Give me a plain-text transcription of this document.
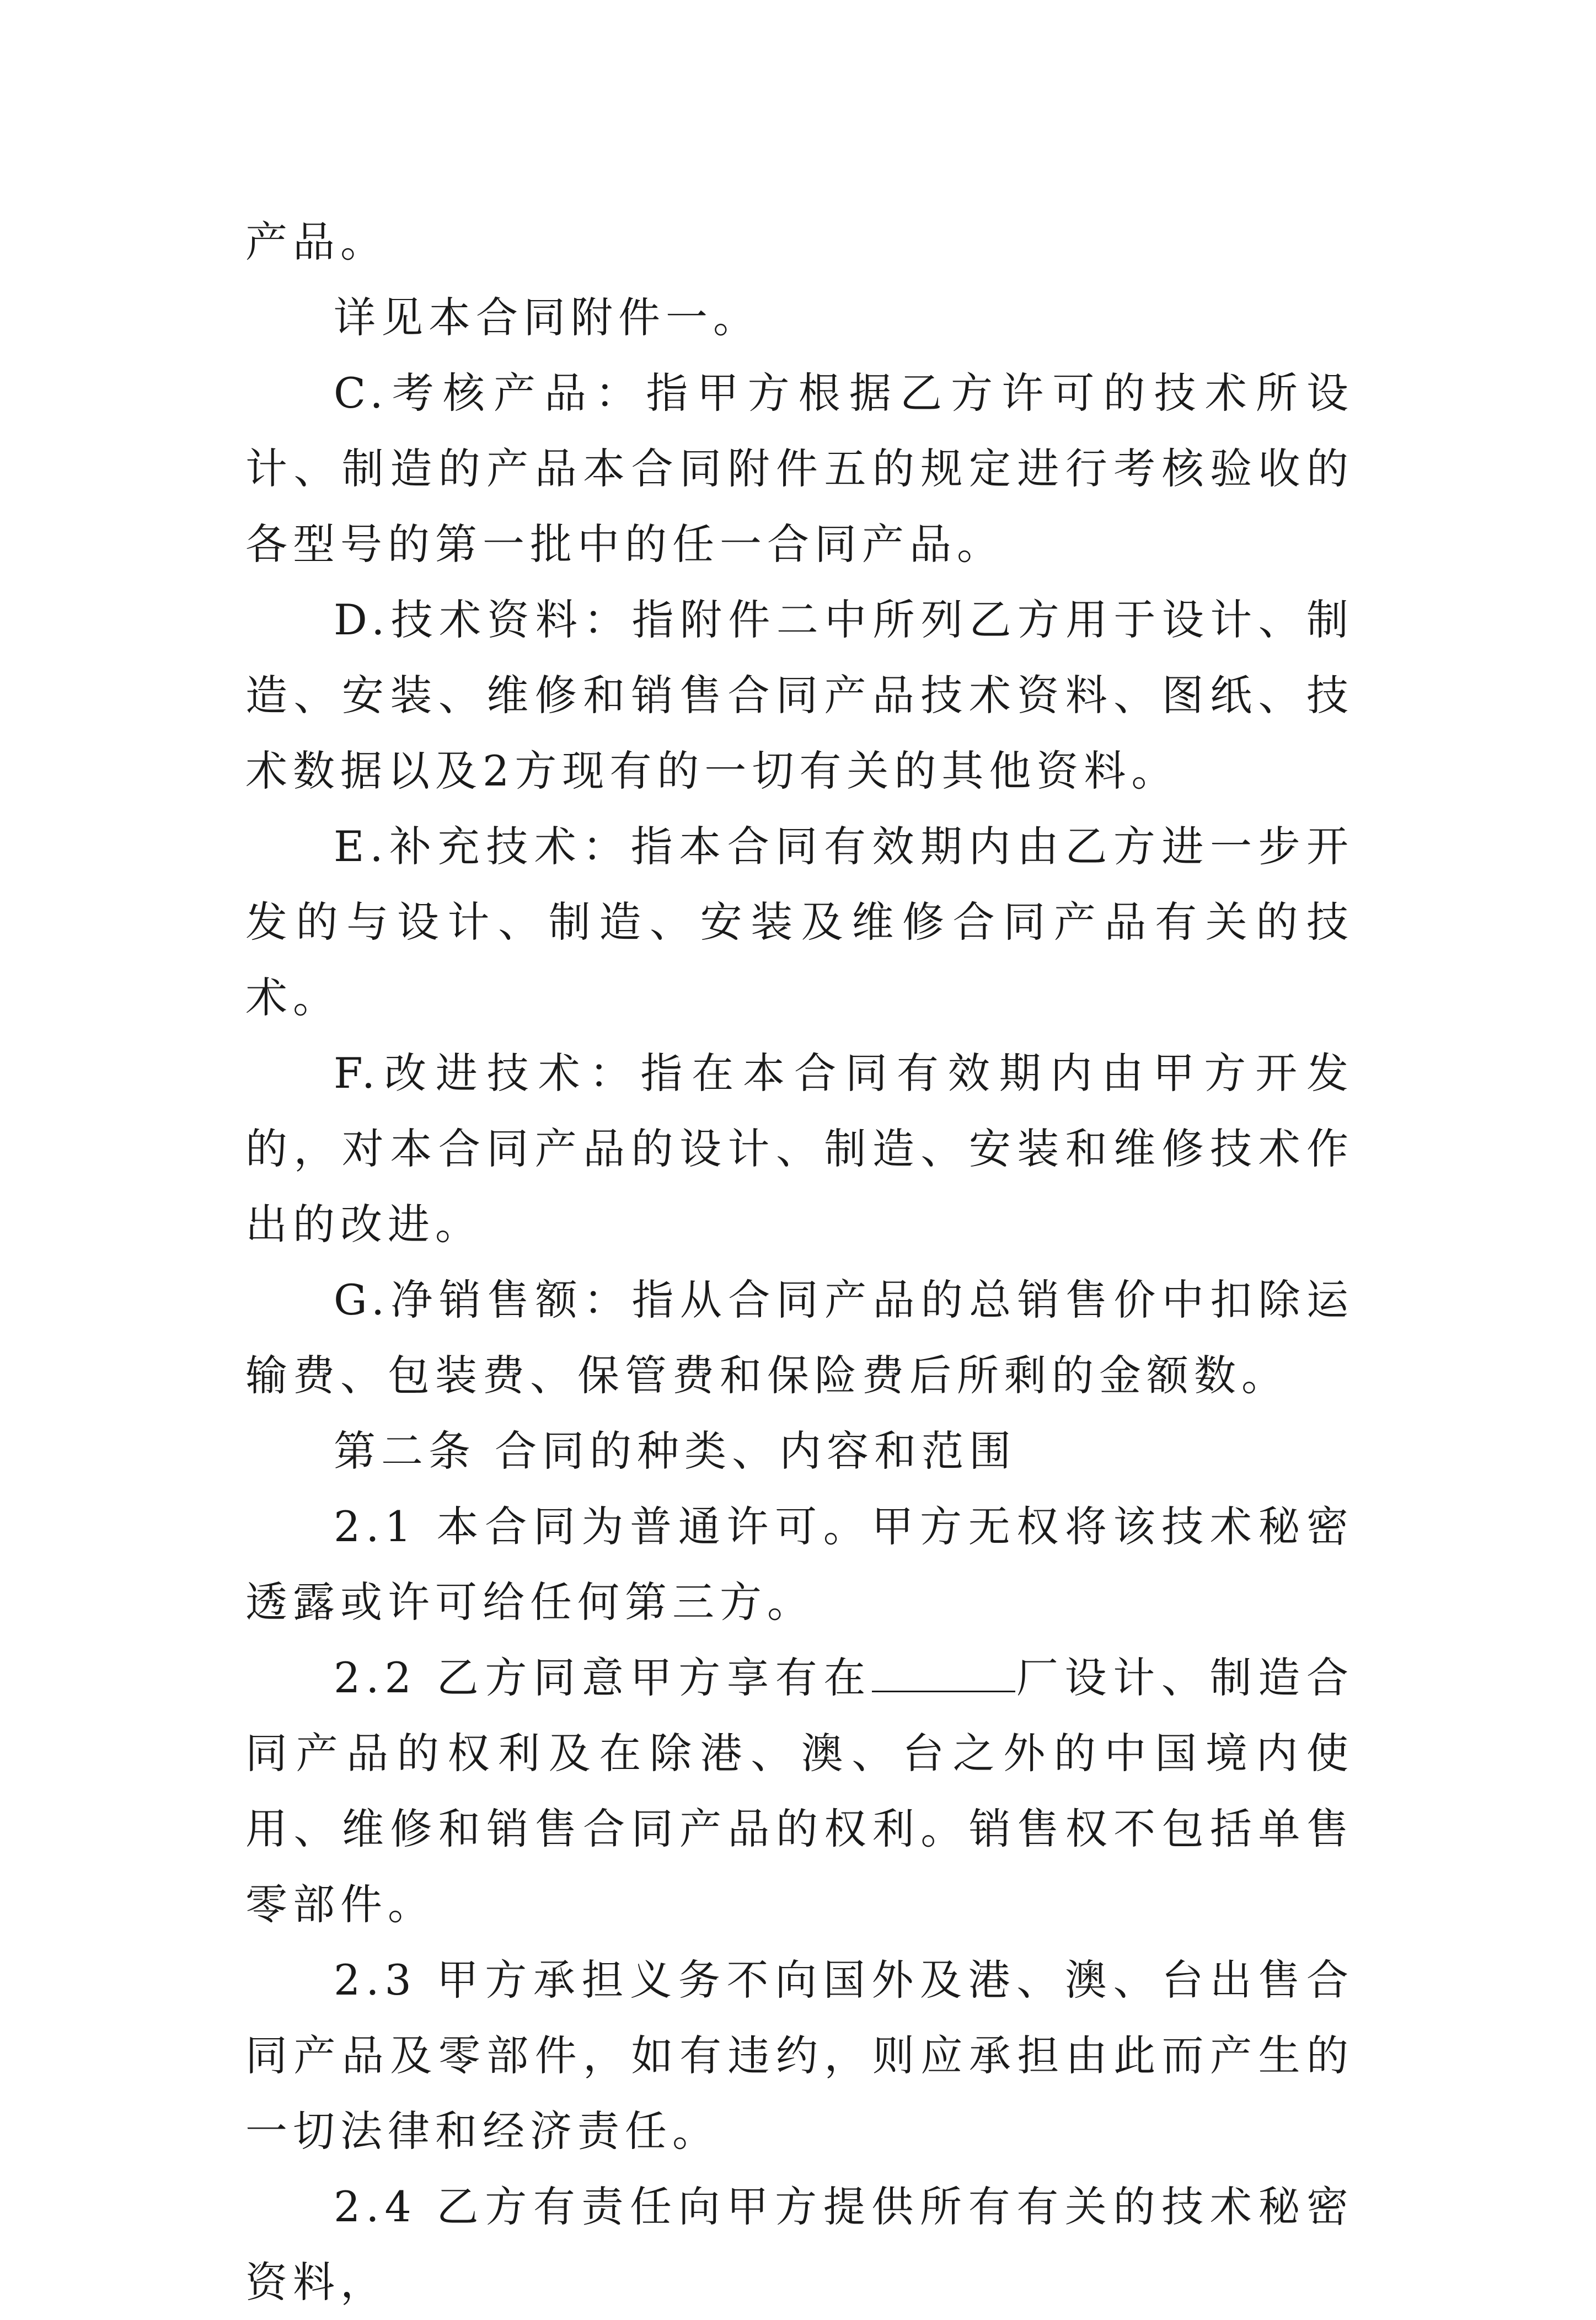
产品。

详见本合同附件一。

C.考核产品：指甲方根据乙方许可的技术所设计、制造的产品本合同附件五的规定进行考核验收的各型号的第一批中的任一合同产品。

D.技术资料：指附件二中所列乙方用于设计、制造、安装、维修和销售合同产品技术资料、图纸、技术数据以及2方现有的一切有关的其他资料。

E.补充技术：指本合同有效期内由乙方进一步开发的与设计、制造、安装及维修合同产品有关的技术。

F.改进技术：指在本合同有效期内由甲方开发的，对本合同产品的设计、制造、安装和维修技术作出的改进。

G.净销售额：指从合同产品的总销售价中扣除运输费、包装费、保管费和保险费后所剩的金额数。

第二条 合同的种类、内容和范围

2.1 本合同为普通许可。甲方无权将该技术秘密透露或许可给任何第三方。

2.2 乙方同意甲方享有在	厂设计、制造合同产品的权利及在除港、澳、台之外的中国境内使用、维修和销售合同产品的权利。销售权不包括单售零部件。

2.3 甲方承担义务不向国外及港、澳、台出售合同产品及零部件，如有违约，则应承担由此而产生的一切法律和经济责任。

2.4 乙方有责任向甲方提供所有有关的技术秘密资料，
